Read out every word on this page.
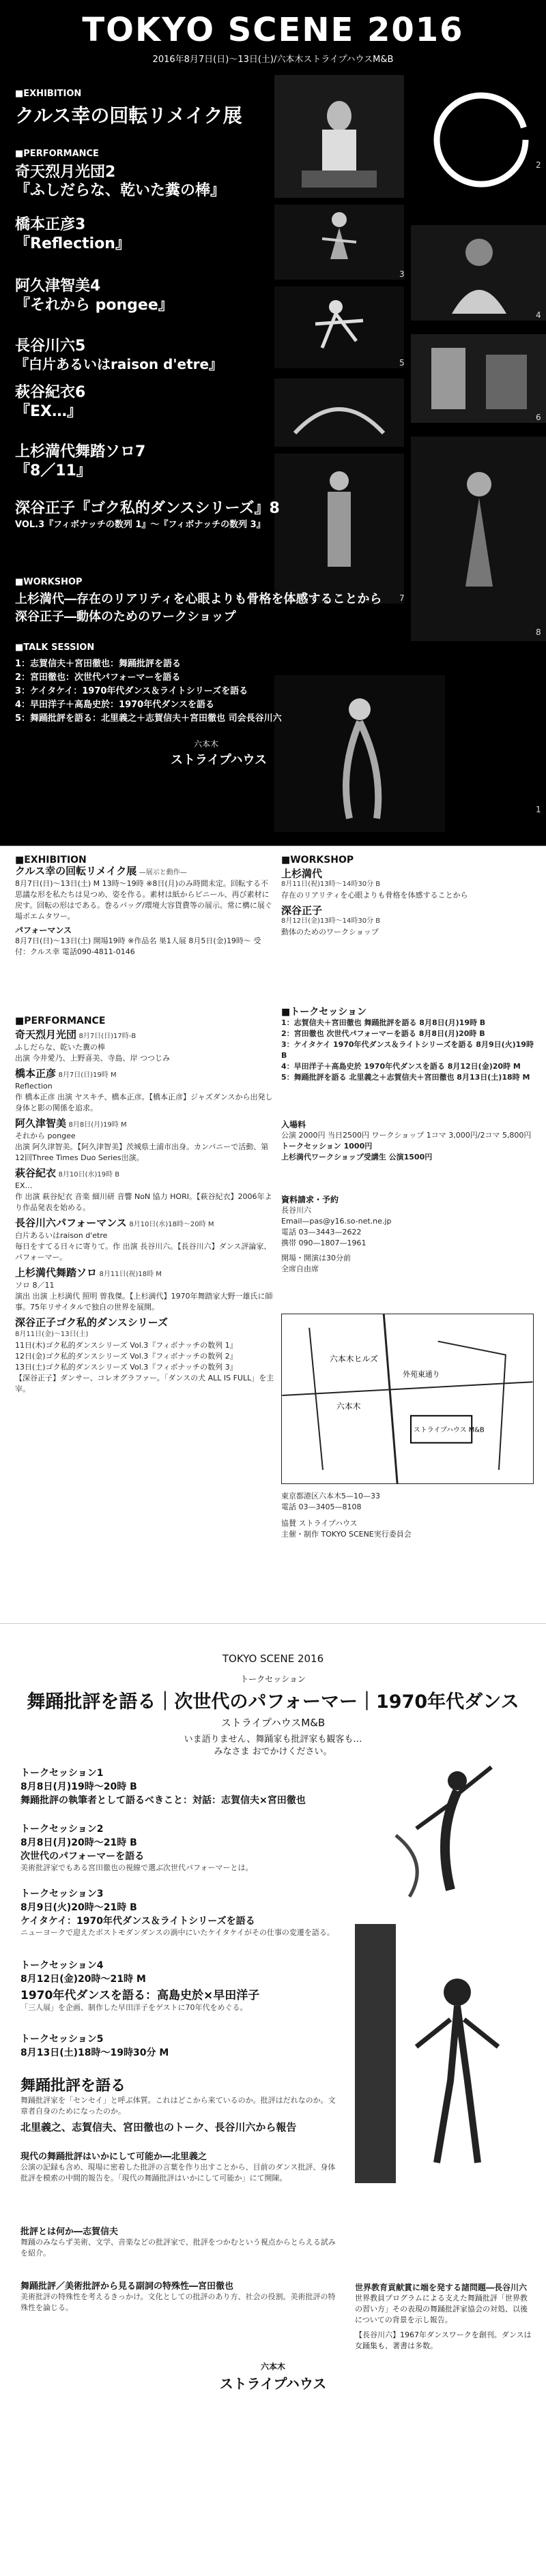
TOKYO SCENE 2016
2016年8月7日(日)〜13日(土)/六本木ストライプハウスM&B
1
2
3
4
5
6
7
8
■EXHIBITION
クルス幸の回転リメイク展
■PERFORMANCE
奇天烈月光団2
『ふしだらな、乾いた糞の棒』
橋本正彦3
『Reflection』
阿久津智美4
『それから pongee』
長谷川六5
『白片あるいはraison d'etre』
萩谷紀衣6
『EX…』
上杉満代舞踏ソロ7
『8／11』
深谷正子『ゴク私的ダンスシリーズ』8
VOL.3『フィボナッチの数列 1』〜『フィボナッチの数列 3』
■WORKSHOP
上杉満代―存在のリアリティを心眼よりも骨格を体感することから
深谷正子―動体のためのワークショップ
■TALK SESSION
1：志賀信夫＋宮田徹也：舞踊批評を語る
2：宮田徹也：次世代パフォーマーを語る
3：ケイタケイ：1970年代ダンス＆ライトシリーズを語る
4：早田洋子＋高島史於：1970年代ダンスを語る
5：舞踊批評を語る：北里義之＋志賀信夫＋宮田徹也 司会長谷川六
六本木
ストライプハウス
■EXHIBITION
クルス幸の回転リメイク展 —展示と動作—
8月7日(日)〜13日(土) M 13時〜19時 ※8日(月)のみ時間未定。回転する不思議な形を私たちは見つめ、姿を作る。素材は紙からビニール、再び素材に戻す。回転の形はである。巻るバッグ/環境大容貨費等の展示。常に構に展ぐ場ポエムタワー。
パフォーマンス
8月7日(日)〜13日(土) 開場19時 ※作品名 巣1人展 8月5日(金)19時〜 受付：クルス幸 電話090-4811-0146
■PERFORMANCE
奇天烈月光団 8月7日(日)17時-B
ふしだらな、乾いた糞の棒
出演 今井愛乃、上野喜美、寺島、岸 つつじみ
橋本正彦 8月7日(日)19時 M
Reflection
作 橋本正彦 出演 ヤスキチ、橋本正彦。【橋本正彦】ジャズダンスから出発し身体と影の関係を追求。
阿久津智美 8月8日(月)19時 M
それから pongee
出演 阿久津智美。【阿久津智美】茨城県土浦市出身。カンパニーで活動、第12回Three Times Duo Series出演。
萩谷紀衣 8月10日(水)19時 B
EX…
作 出演 萩谷紀衣 音楽 細川研 音響 NoN 協力 HORI。【萩谷紀衣】2006年より作品発表を始める。
長谷川六パフォーマンス 8月10日(水)18時〜20時 M
白片あるいはraison d'etre
毎日をすてる日々に寄りて。作 出演 長谷川六。【長谷川六】ダンス評論家、パフォーマー。
上杉満代舞踏ソロ 8月11日(祝)18時 M
ソロ 8／11
演出 出演 上杉満代 照明 曽我傑。【上杉満代】1970年舞踏家大野一雄氏に師事。75年リサイタルで独自の世界を展開。
深谷正子ゴク私的ダンスシリーズ
8月11日(金)〜13日(土)
11日(木)ゴク私的ダンスシリーズ Vol.3『フィボナッチの数列 1』
12日(金)ゴク私的ダンスシリーズ Vol.3『フィボナッチの数列 2』
13日(土)ゴク私的ダンスシリーズ Vol.3『フィボナッチの数列 3』
【深谷正子】ダンサー、コレオグラファー。「ダンスの犬 ALL IS FULL」を主宰。
■WORKSHOP
上杉満代
8月11日(祝)13時〜14時30分 B
存在のリアリティを心眼よりも骨格を体感することから
深谷正子
8月12日(金)13時〜14時30分 B
動体のためのワークショップ
■トークセッション
1：志賀信夫＋宮田徹也 舞踊批評を語る 8月8日(月)19時 B
2：宮田徹也 次世代パフォーマーを語る 8月8日(月)20時 B
3：ケイタケイ 1970年代ダンス＆ライトシリーズを語る 8月9日(火)19時 B
4：早田洋子＋高島史於 1970年代ダンスを語る 8月12日(金)20時 M
5：舞踊批評を語る 北里義之＋志賀信夫＋宮田徹也 8月13日(土)18時 M
入場料
公演 2000円 当日2500円 ワークショップ 1コマ 3,000円/2コマ 5,800円
トークセッション 1000円
上杉満代ワークショップ受講生 公演1500円
資料請求・予約
長谷川六
Email—pas@y16.so-net.ne.jp
電話 03—3443—2622
携帯 090—1807—1961
開場・開演は30分前
全席自由席
六本木ヒルズ
六本木
外苑東通り
ストライプハウス M&B
東京都港区六本木5—10—33
電話 03—3405—8108
協賛 ストライプハウス
主催・制作 TOKYO SCENE実行委員会
TOKYO SCENE 2016
トークセッション
舞踊批評を語る｜次世代のパフォーマー｜1970年代ダンス
ストライプハウスM&B
いま語りません、舞踊家も批評家も観客も…
みなさま おでかけください。
トークセッション1
8月8日(月)19時〜20時 B
舞踊批評の執筆者として語るべきこと：対話：志賀信夫×宮田徹也
トークセッション2
8月8日(月)20時〜21時 B
次世代のパフォーマーを語る
美術批評家でもある宮田徹也の視線で選ぶ次世代パフォーマーとは。
トークセッション3
8月9日(火)20時〜21時 B
ケイタケイ：1970年代ダンス＆ライトシリーズを語る
ニューヨークで迎えたポストモダンダンスの渦中にいたケイタケイがその仕事の変遷を語る。
トークセッション4
8月12日(金)20時〜21時 M
1970年代ダンスを語る：高島史於×早田洋子
「三人展」を企画、制作した早田洋子をゲストに70年代をめぐる。
トークセッション5
8月13日(土)18時〜19時30分 M
舞踊批評を語る
舞踊批評家を「センセイ」と呼ぶ体質。これはどこから来ているのか。批評はだれなのか。文章者自身のためになったのか。
北里義之、志賀信夫、宮田徹也のトーク、長谷川六から報告
現代の舞踊批評はいかにして可能か―北里義之
公演の記録も含め、現場に密着した批評の言葉を作り出すことから、目前のダンス批評、身体批評を模索の中間的報告を。「現代の舞踊批評はいかにして可能か」にて開陳。
批評とは何か―志賀信夫
舞踊のみならず美術、文学、音楽などの批評家で、批評をつかむという視点からとらえる試みを紹介。
舞踊批評／美術批評から見る副詞の特殊性―宮田徹也
美術批評の特殊性を考えるきっかけ。文化としての批評のあり方、社会の役割。美術批評の特殊性を論じる。
世界教育貢献賞に端を発する諸問題―長谷川六
世界教員プログラムによる支えた舞踊批評「世界教の習い方」その表現の舞踊批評家協会の対処、以後についての背景を示し報告。
【長谷川六】1967年ダンスワークを創刊。ダンスは女踊集も、著書は多数。
六本木
ストライプハウス
